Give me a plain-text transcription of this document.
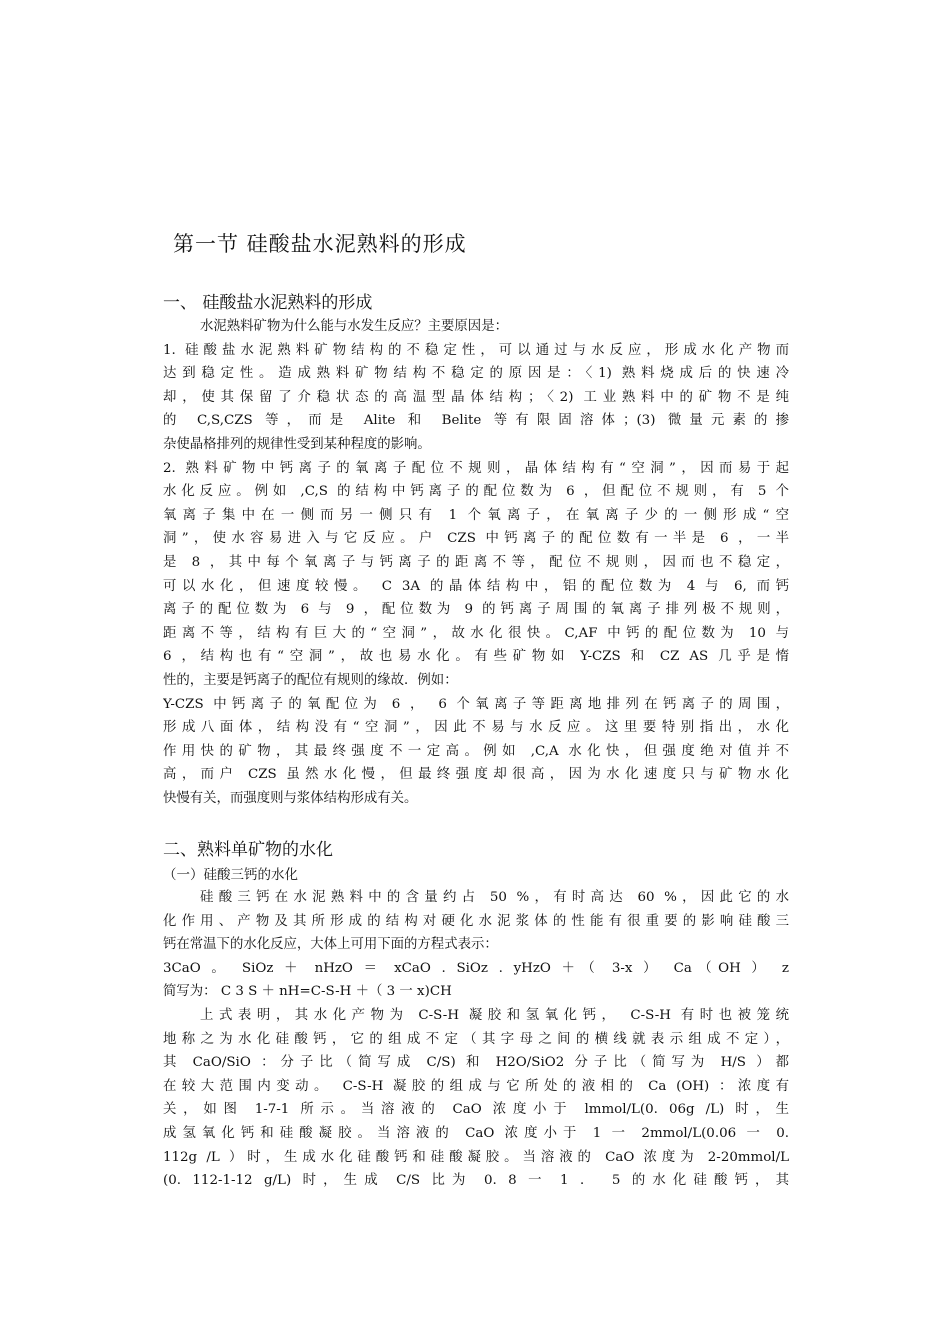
第一节 硅酸盐水泥熟料的形成
一、 硅酸盐水泥熟料的形成
水泥熟料矿物为什么能与水发生反应？主要原因是：
1. 硅酸盐水泥熟料矿物结构的不稳定性，可以通过与水反应，形成水化产物而
达到稳定性。造成熟料矿物结构不稳定的原因是：〈1) 熟料烧成后的快速冷
却，使其保留了介稳状态的高温型晶体结构；〈2) 工业熟料中的矿物不是纯
的 C,S,CZS 等，而是 Alite 和 Belite 等有限固溶体；(3) 微量元素的掺
杂使晶格排列的规律性受到某种程度的影响。
2. 熟料矿物中钙离子的氧离子配位不规则，晶体结构有“空洞”，因而易于起
水化反应。例如 ,C,S 的结构中钙离子的配位数为 6 ，但配位不规则，有 5 个
氧离子集中在一侧而另一侧只有 1 个氧离子，在氧离子少的一侧形成“空
洞”，使水容易进入与它反应。户 CZS 中钙离子的配位数有一半是 6 ，一半
是 8 ，其中每个氧离子与钙离子的距离不等，配位不规则，因而也不稳定，
可以水化，但速度较慢。 C 3A 的晶体结构中，铝的配位数为 4 与 6, 而钙
离子的配位数为 6 与 9 ，配位数为 9 的钙离子周围的氧离子排列极不规则，
距离不等，结构有巨大的“空洞”，故水化很快。C,AF 中钙的配位数为 10 与
6 ，结构也有“空洞”，故也易水化。有些矿物如 Y-CZS 和 CZ AS 几乎是惰
性的，主要是钙离子的配位有规则的缘故．例如：
Y-CZS 中钙离子的氧配位为 6 ， 6 个氧离子等距离地排列在钙离子的周围，
形成八面体，结构没有“空洞”，因此不易与水反应。这里要特别指出，水化
作用快的矿物，其最终强度不一定高。例如 ,C,A 水化快，但强度绝对值并不
高，而户 CZS 虽然水化慢，但最终强度却很高，因为水化速度只与矿物水化
快慢有关，而强度则与浆体结构形成有关。
二、熟料单矿物的水化
（一）硅酸三钙的水化
硅酸三钙在水泥熟料中的含量约占 50 %，有时高达 60 %，因此它的水
化作用、产物及其所形成的结构对硬化水泥浆体的性能有很重要的影响硅酸三
钙在常温下的水化反应，大体上可用下面的方程式表示：
3CaO 。 SiOz ＋ nHzO ＝ xCaO . SiOz . yHzO ＋（ 3-x ） Ca（OH ） z
简写为： C 3 S ＋ nH=C-S-H ＋（ 3 一 x)CH
上式表明，其水化产物为 C-S-H 凝胶和氢氧化钙， C-S-H 有时也被笼统
地称之为水化硅酸钙，它的组成不定（其字母之间的横线就表示组成不定），
其 CaO/SiO ：分子比（简写成 C/S) 和 H2O/SiO2 分子比（简写为 H/S ）都
在较大范围内变动。 C-S-H 凝胶的组成与它所处的液相的 Ca (OH) ：浓度有
关，如图 1-7-1 所示。当溶液的 CaO 浓度小于 lmmol/L(0. 06g /L) 时，生
成氢氧化钙和硅酸凝胶。当溶液的 CaO 浓度小于 1 一 2mmol/L(0.06 一 0.
112g /L ）时，生成水化硅酸钙和硅酸凝胶。当溶液的 CaO 浓度为 2-20mmol/L
(0. 112-1-12 g/L) 时，生成 C/S 比为 0. 8 一 1 ． 5 的水化硅酸钙，其
